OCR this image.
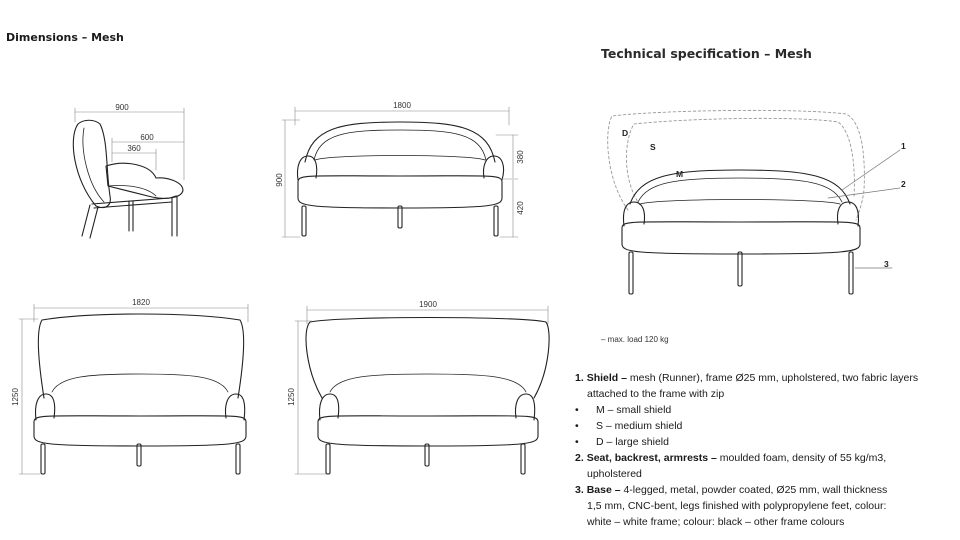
Dimensions – Mesh
Technical specification – Mesh
900
600
360
1800
900
380
420
1820
1250
1900
1250
D
S
M
1
2
3
– max. load 120 kg
1. Shield – mesh (Runner), frame Ø25 mm, upholstered, two fabric layers
attached to the frame with zip
• M – small shield
• S – medium shield
• D – large shield
2. Seat, backrest, armrests – moulded foam, density of 55 kg/m3,
upholstered
3. Base – 4-legged, metal, powder coated, Ø25 mm, wall thickness
1,5 mm, CNC-bent, legs finished with polypropylene feet, colour:
white – white frame; colour: black – other frame colours
